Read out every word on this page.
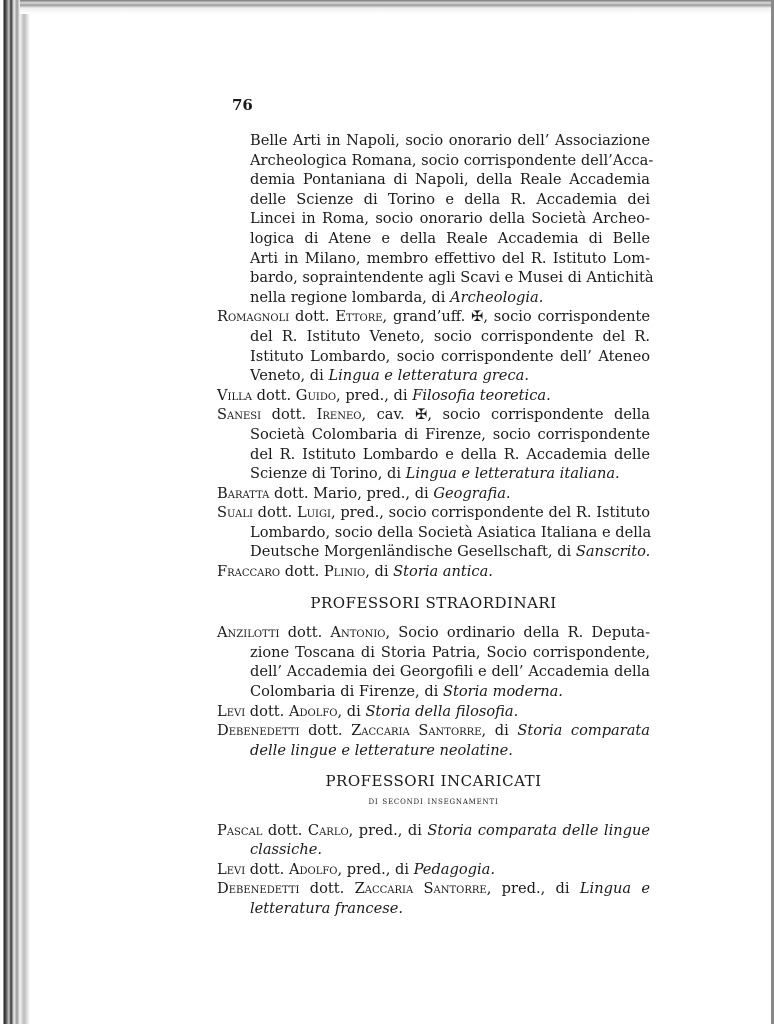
76
Belle Arti in Napoli, socio onorario dell’ Associazione
Archeologica Romana, socio corrispondente dell’Acca-
demia Pontaniana di Napoli, della Reale Accademia
delle Scienze di Torino e della R. Accademia dei
Lincei in Roma, socio onorario della Società Archeo-
logica di Atene e della Reale Accademia di Belle
Arti in Milano, membro effettivo del R. Istituto Lom-
bardo, sopraintendente agli Scavi e Musei di Antichità
nella regione lombarda, di Archeologia.
Romagnoli dott. Ettore, grand’uff. ✠, socio corrispondente
del R. Istituto Veneto, socio corrispondente del R.
Istituto Lombardo, socio corrispondente dell’ Ateneo
Veneto, di Lingua e letteratura greca.
Villa dott. Guido, pred., di Filosofia teoretica.
Sanesi dott. Ireneo, cav. ✠, socio corrispondente della
Società Colombaria di Firenze, socio corrispondente
del R. Istituto Lombardo e della R. Accademia delle
Scienze di Torino, di Lingua e letteratura italiana.
Baratta dott. Mario, pred., di Geografia.
Suali dott. Luigi, pred., socio corrispondente del R. Istituto
Lombardo, socio della Società Asiatica Italiana e della
Deutsche Morgenländische Gesellschaft, di Sanscrito.
Fraccaro dott. Plinio, di Storia antica.
PROFESSORI STRAORDINARI
Anzilotti dott. Antonio, Socio ordinario della R. Deputa-
zione Toscana di Storia Patria, Socio corrispondente,
dell’ Accademia dei Georgofili e dell’ Accademia della
Colombaria di Firenze, di Storia moderna.
Levi dott. Adolfo, di Storia della filosofia.
Debenedetti dott. Zaccaria Santorre, di Storia comparata
delle lingue e letterature neolatine.
PROFESSORI INCARICATI
di secondi insegnamenti
Pascal dott. Carlo, pred., di Storia comparata delle lingue
classiche.
Levi dott. Adolfo, pred., di Pedagogia.
Debenedetti dott. Zaccaria Santorre, pred., di Lingua e
letteratura francese.
